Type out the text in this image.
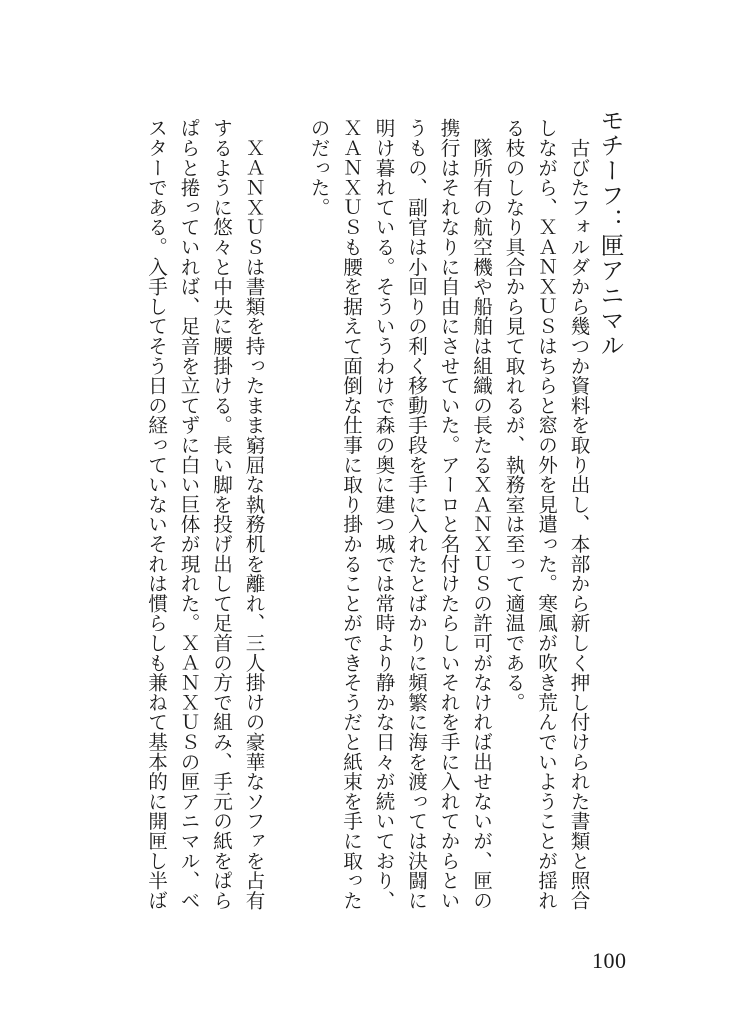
モチーフ：匣アニマル
　古びたフォルダから幾つか資料を取り出し、本部から新しく押し付けられた書類と照合
しながら、ＸＡＮＸＵＳはちらと窓の外を見遣った。寒風が吹き荒んでいようことが揺れ
る枝のしなり具合から見て取れるが、執務室は至って適温である。
　隊所有の航空機や船舶は組織の長たるＸＡＮＸＵＳの許可がなければ出せないが、匣の
携行はそれなりに自由にさせていた。アーロと名付けたらしいそれを手に入れてからとい
うもの、副官は小回りの利く移動手段を手に入れたとばかりに頻繁に海を渡っては決闘に
明け暮れている。そういうわけで森の奥に建つ城では常時より静かな日々が続いており、
ＸＡＮＸＵＳも腰を据えて面倒な仕事に取り掛かることができそうだと紙束を手に取った
のだった。

　ＸＡＮＸＵＳは書類を持ったまま窮屈な執務机を離れ、三人掛けの豪華なソファを占有
するように悠々と中央に腰掛ける。長い脚を投げ出して足首の方で組み、手元の紙をぱら
ぱらと捲っていれば、足音を立てずに白い巨体が現れた。ＸＡＮＸＵＳの匣アニマル、ベ
スターである。入手してそう日の経っていないそれは慣らしも兼ねて基本的に開匣し半ば
100
